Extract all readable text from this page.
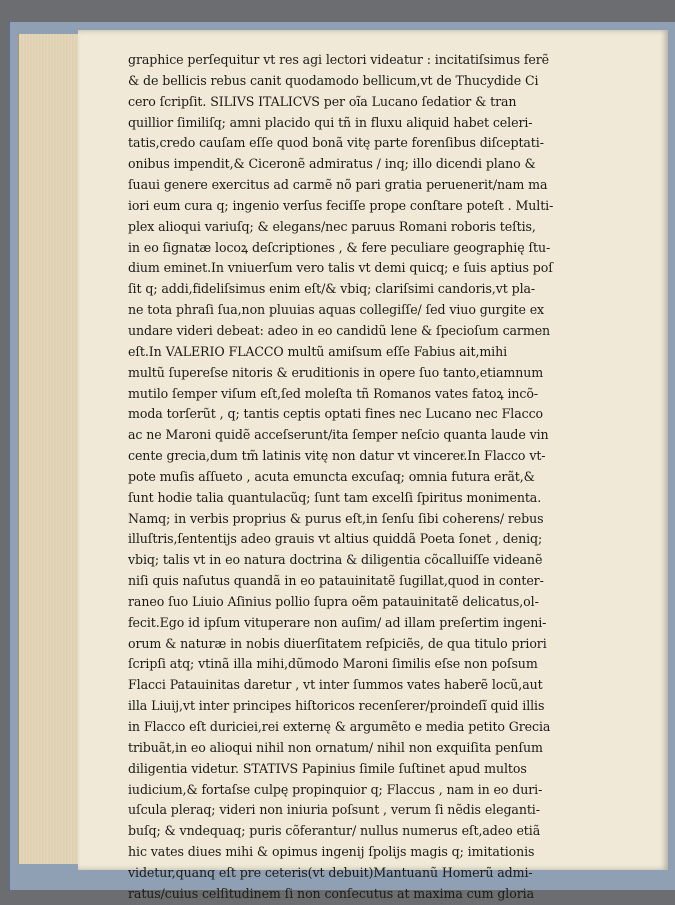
graphice perſequitur vt res agi lectori videatur : incitatiſsimus ferẽ
& de bellicis rebus canit quodamodo bellicum,vt de Thucydide Ci
cero ſcripſit. SILIVS ITALICVS per oĩa Lucano ſedatior & tran
quillior ſimiliſq; amni placido qui tñ in fluxu aliquid habet celeri‐
tatis,credo cauſam eſſe quod bonã vitę parte forenſibus diſceptati‐
onibus impendit,& Ciceronẽ admiratus / inq; illo dicendi plano &
ſuaui genere exercitus ad carmẽ nõ pari gratia peruenerit/nam ma
iori eum cura q; ingenio verſus feciſſe prope conſtare poteſt . Multi‐
plex alioqui variuſq; & elegans/nec paruus Romani roboris teſtis,
in eo ſignatæ locoꝝ deſcriptiones , & fere peculiare geographię ſtu‐
dium eminet.In vniuerſum vero talis vt demi quicq; e ſuis aptius poſ
ſit q; addi,fideliſsimus enim eſt/& vbiq; clariſsimi candoris,vt pla‐
ne tota phraſi ſua,non pluuias aquas collegiſſe/ ſed viuo gurgite ex
undare videri debeat: adeo in eo candidũ lene & ſpecioſum carmen
eſt.In VALERIO FLACCO multũ amiſsum eſſe Fabius ait,mihi
multũ ſupereſse nitoris & eruditionis in opere ſuo tanto,etiamnum
mutilo ſemper viſum eſt,ſed moleſta tñ Romanos vates fatoꝝ incõ‐
moda torſerũt , q; tantis ceptis optati fines nec Lucano nec Flacco
ac ne Maroni quidẽ acceſserunt/ita ſemper neſcio quanta laude vin
cente grecia,dum tm̃ latinis vitę non datur vt vinceretͤ.In Flacco vt‐
pote muſis aſſueto , acuta emuncta excuſaq; omnia futura erãt,&
ſunt hodie talia quantulacũq; ſunt tam excelſi ſpiritus monimenta.
Namq; in verbis proprius & purus eſt,in ſenſu ſibi coherens/ rebus
illuſtris,ſententijs adeo grauis vt altius quiddã Poeta ſonet , deniq;
vbiq; talis vt in eo natura doctrina & diligentia cõcalluiſſe videanẽ
niſi quis naſutus quandã in eo patauinitatẽ ſugillat,quod in conter‐
raneo ſuo Liuio Aſinius pollio ſupra oẽm patauinitatẽ delicatus,ol‐
fecit.Ego id ipſum vituperare non auſim/ ad illam preſertim ingeni‐
orum & naturæ in nobis diuerſitatem reſpiciẽs, de qua titulo priori
ſcripſi atq; vtinã illa mihi,dũmodo Maroni ſimilis eſse non poſsum
Flacci Patauinitas daretur , vt inter ſummos vates haberẽ locũ,aut
illa Liuij,vt inter principes hiſtoricos recenſerer/proindeſĩ quid illis
in Flacco eſt duriciei,rei externę & argumẽto e media petito Grecia
tribuãt,in eo alioqui nihil non ornatum/ nihil non exquiſita penſum
diligentia videtur. STATIVS Papinius ſimile ſuſtinet apud multos
iudicium,& fortaſse culpę propinquior q; Flaccus , nam in eo duri‐
uſcula pleraq; videri non iniuria poſsunt , verum ſi nẽdis eleganti‐
buſq; & vndequaq; puris cõferantur/ nullus numerus eſt,adeo etiã
hic vates diues mihi & opimus ingenij ſpolijs magis q; imitationis
videtur,quanq eſt pre ceteris(vt debuit)Mantuanũ Homerũ admi‐
ratus/cuius celſitudinem ſi non conſecutus at maxima cum gloria
